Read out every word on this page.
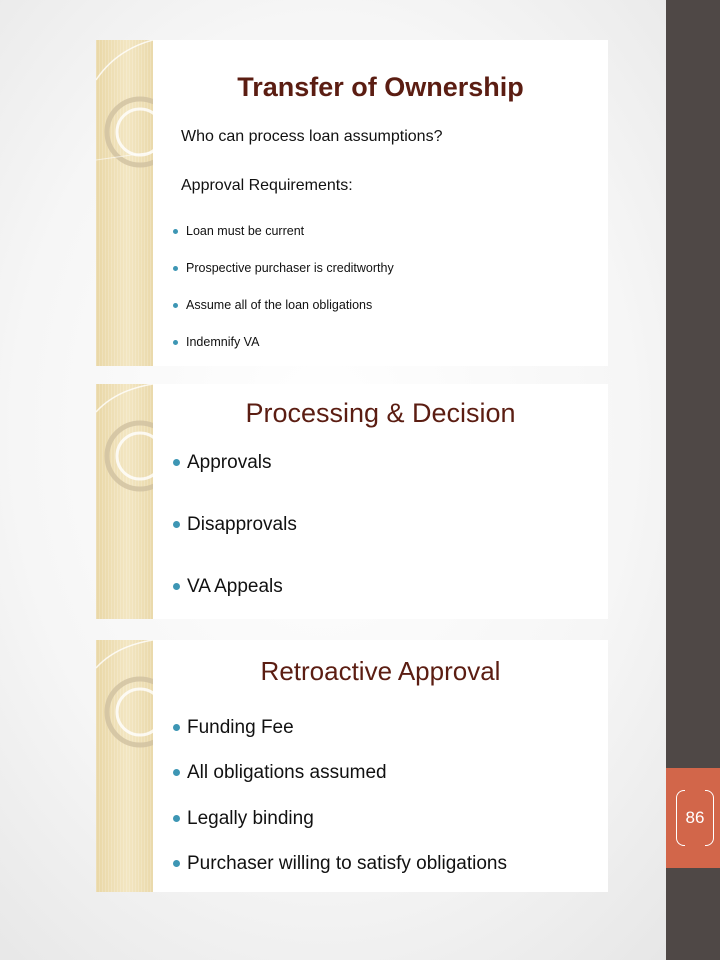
86
Transfer of Ownership
Who can process loan assumptions?
Approval Requirements:
Loan must be current
Prospective purchaser is creditworthy
Assume all of the loan obligations
Indemnify VA
Processing & Decision
Approvals
Disapprovals
VA Appeals
Retroactive Approval
Funding Fee
All obligations assumed
Legally binding
Purchaser willing to satisfy obligations
